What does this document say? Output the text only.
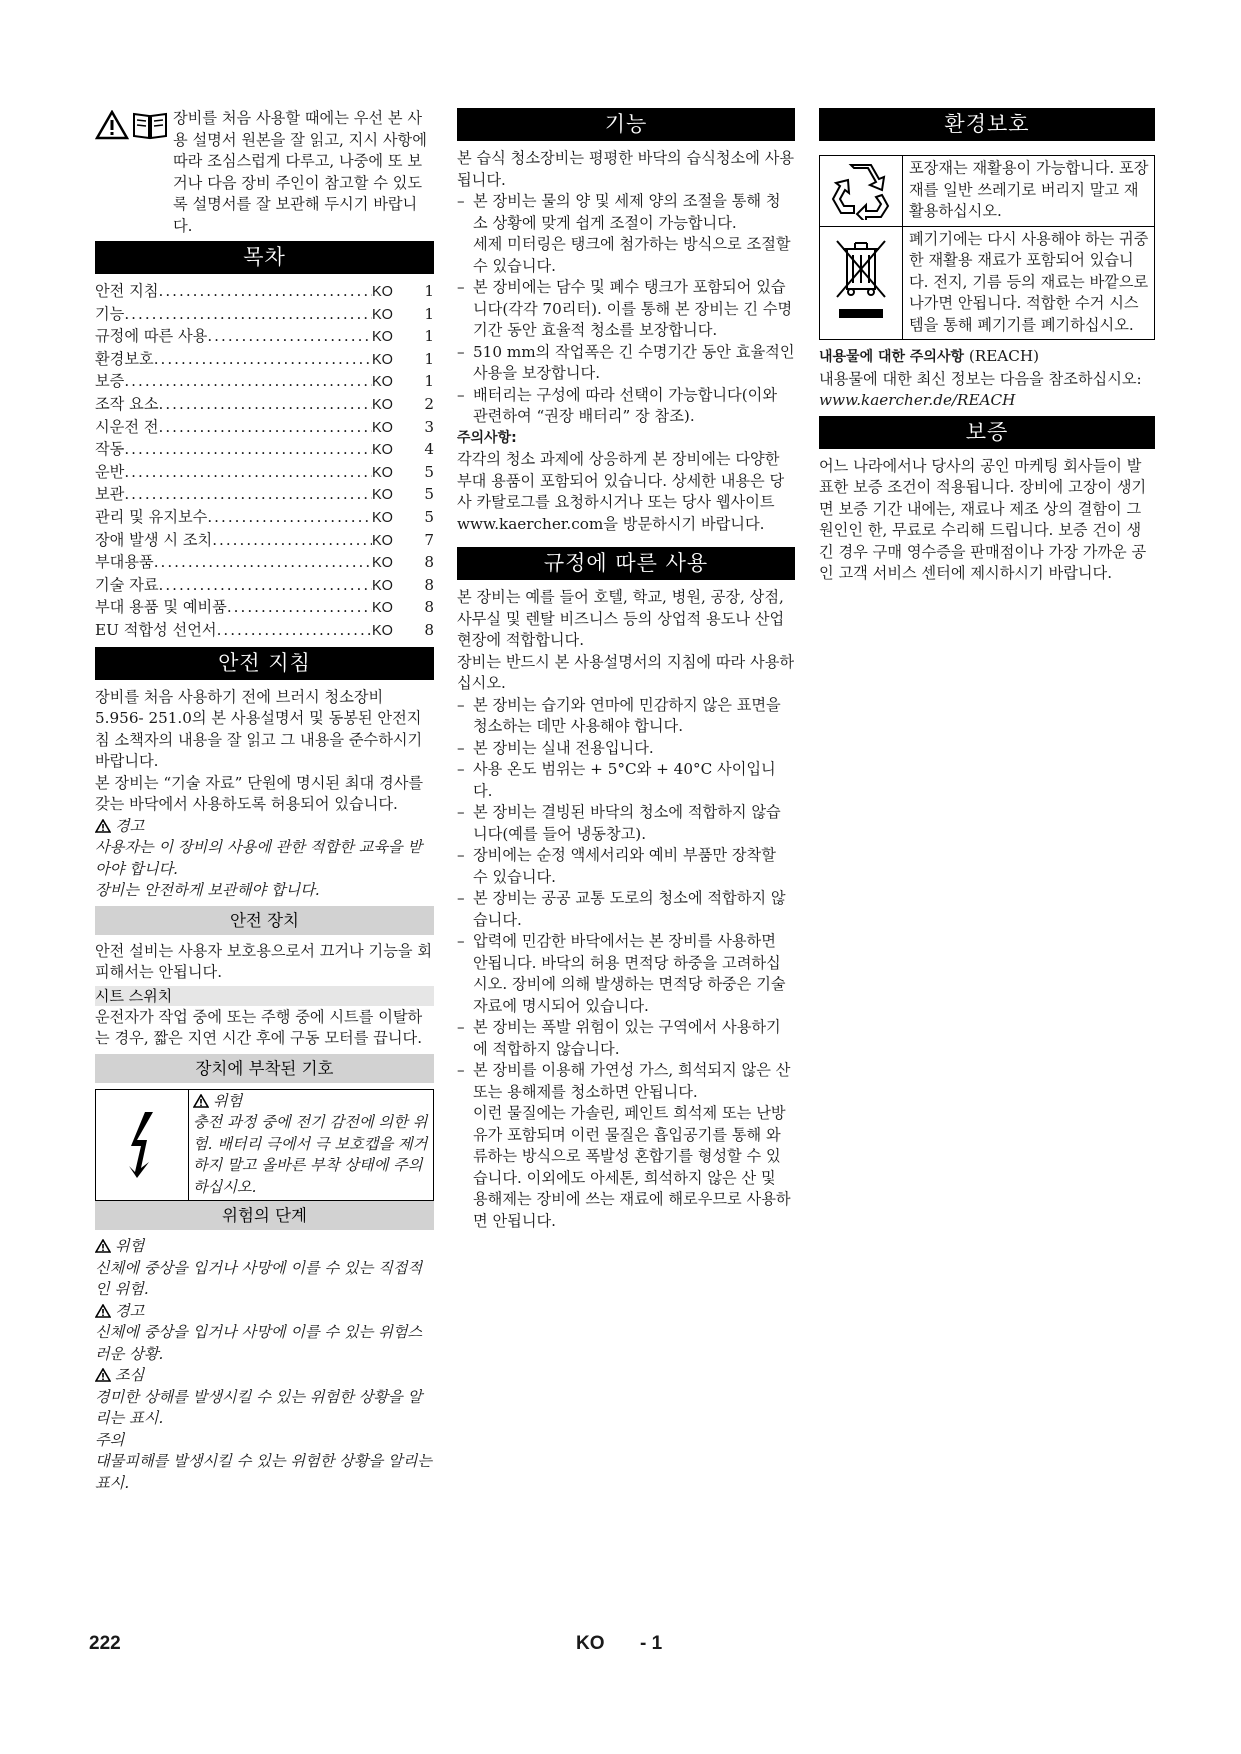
장비를 처음 사용할 때에는 우선 본 사용 설명서 원본을 잘 읽고, 지시 사항에 따라 조심스럽게 다루고, 나중에 또 보거나 다음 장비 주인이 참고할 수 있도록 설명서를 잘 보관해 두시기 바랍니다.

목차
안전 지침 .....	KO	1
기능 .....	KO	1
규정에 따른 사용 .....	KO	1
환경보호 .....	KO	1
보증 .....	KO	1
조작 요소 .....	KO	2
시운전 전 .....	KO	3
작동 .....	KO	4
운반 .....	KO	5
보관 .....	KO	5
관리 및 유지보수 .....	KO	5
장애 발생 시 조치 .....	KO	7
부대용품 .....	KO	8
기술 자료 .....	KO	8
부대 용품 및 예비품 .....	KO	8
EU 적합성 선언서 .....	KO	8
안전 지침

장비를 처음 사용하기 전에 브러시 청소장비 5.956- 251.0의 본 사용설명서 및 동봉된 안전지침 소책자의 내용을 잘 읽고 그 내용을 준수하시기 바랍니다.

본 장비는 “기술 자료” 단원에 명시된 최대 경사를 갖는 바닥에서 사용하도록 허용되어 있습니다.

경고

사용자는 이 장비의 사용에 관한 적합한 교육을 받아야 합니다.

장비는 안전하게 보관해야 합니다.

안전 장치

안전 설비는 사용자 보호용으로서 끄거나 기능을 회피해서는 안됩니다.

시트 스위치

운전자가 작업 중에 또는 주행 중에 시트를 이탈하는 경우, 짧은 지연 시간 후에 구동 모터를 끕니다.

장치에 부착된 기호

위험

충전 과정 중에 전기 감전에 의한 위험. 배터리 극에서 극 보호캡을 제거하지 말고 올바른 부착 상태에 주의하십시오.

위험의 단계

위험

신체에 중상을 입거나 사망에 이를 수 있는 직접적인 위험.

경고

신체에 중상을 입거나 사망에 이를 수 있는 위험스러운 상황.

조심

경미한 상해를 발생시킬 수 있는 위험한 상황을 알리는 표시.

주의

대물피해를 발생시킬 수 있는 위험한 상황을 알리는 표시.

기능

본 습식 청소장비는 평평한 바닥의 습식청소에 사용됩니다.

– 본 장비는 물의 양 및 세제 양의 조절을 통해 청소 상황에 맞게 쉽게 조절이 가능합니다.

세제 미터링은 탱크에 첨가하는 방식으로 조절할 수 있습니다.

– 본 장비에는 담수 및 폐수 탱크가 포함되어 있습니다(각각 70리터). 이를 통해 본 장비는 긴 수명기간 동안 효율적 청소를 보장합니다.

– 510 mm의 작업폭은 긴 수명기간 동안 효율적인 사용을 보장합니다.

– 배터리는 구성에 따라 선택이 가능합니다(이와 관련하여 “권장 배터리” 장 참조).

주의사항:

각각의 청소 과제에 상응하게 본 장비에는 다양한 부대 용품이 포함되어 있습니다. 상세한 내용은 당사 카탈로그를 요청하시거나 또는 당사 웹사이트 www.kaercher.com을 방문하시기 바랍니다.

규정에 따른 사용

본 장비는 예를 들어 호텔, 학교, 병원, 공장, 상점, 사무실 및 렌탈 비즈니스 등의 상업적 용도나 산업 현장에 적합합니다.

장비는 반드시 본 사용설명서의 지침에 따라 사용하십시오.

– 본 장비는 습기와 연마에 민감하지 않은 표면을 청소하는 데만 사용해야 합니다.

– 본 장비는 실내 전용입니다.

– 사용 온도 범위는 + 5°C와 + 40°C 사이입니다.

– 본 장비는 결빙된 바닥의 청소에 적합하지 않습니다(예를 들어 냉동창고).

– 장비에는 순정 액세서리와 예비 부품만 장착할 수 있습니다.

– 본 장비는 공공 교통 도로의 청소에 적합하지 않습니다.

– 압력에 민감한 바닥에서는 본 장비를 사용하면 안됩니다. 바닥의 허용 면적당 하중을 고려하십시오. 장비에 의해 발생하는 면적당 하중은 기술 자료에 명시되어 있습니다.

– 본 장비는 폭발 위험이 있는 구역에서 사용하기에 적합하지 않습니다.

– 본 장비를 이용해 가연성 가스, 희석되지 않은 산 또는 용해제를 청소하면 안됩니다.

이런 물질에는 가솔린, 페인트 희석제 또는 난방유가 포함되며 이런 물질은 흡입공기를 통해 와류하는 방식으로 폭발성 혼합기를 형성할 수 있습니다. 이외에도 아세톤, 희석하지 않은 산 및 용해제는 장비에 쓰는 재료에 해로우므로 사용하면 안됩니다.

환경보호
포장재는 재활용이 가능합니다. 포장재를 일반 쓰레기로 버리지 말고 재활용하십시오.
폐기기에는 다시 사용해야 하는 귀중한 재활용 재료가 포함되어 있습니다. 전지, 기름 등의 재료는 바깥으로 나가면 안됩니다. 적합한 수거 시스템을 통해 폐기기를 폐기하십시오.

내용물에 대한 주의사항 (REACH)

내용물에 대한 최신 정보는 다음을 참조하십시오:

www.kaercher.de/REACH

보증

어느 나라에서나 당사의 공인 마케팅 회사들이 발표한 보증 조건이 적용됩니다. 장비에 고장이 생기면 보증 기간 내에는, 재료나 제조 상의 결함이 그 원인인 한, 무료로 수리해 드립니다. 보증 건이 생긴 경우 구매 영수증을 판매점이나 가장 가까운 공인 고객 서비스 센터에 제시하시기 바랍니다.

222	KO - 1
